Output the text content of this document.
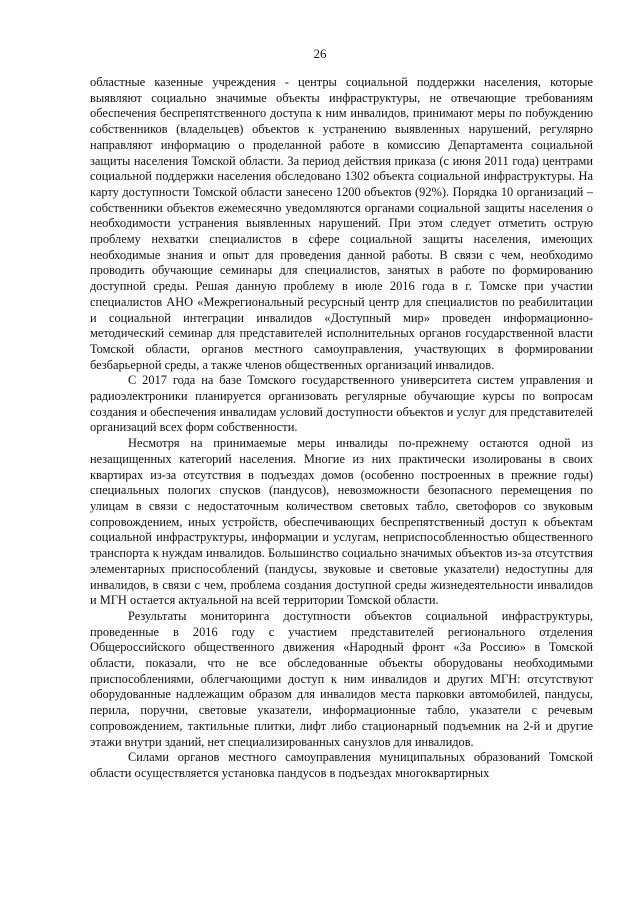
26

областные казенные учреждения - центры социальной поддержки населения, которые выявляют социально значимые объекты инфраструктуры, не отвечающие требованиям обеспечения беспрепятственного доступа к ним инвалидов, принимают меры по побуждению собственников (владельцев) объектов к устранению выявленных нарушений, регулярно направляют информацию о проделанной работе в комиссию Департамента социальной защиты населения Томской области. За период действия приказа (с июня 2011 года) центрами социальной поддержки населения обследовано 1302 объекта социальной инфраструктуры. На карту доступности Томской области занесено 1200 объектов (92%). Порядка 10 организаций – собственники объектов ежемесячно уведомляются органами социальной защиты населения о необходимости устранения выявленных нарушений. При этом следует отметить острую проблему нехватки специалистов в сфере социальной защиты населения, имеющих необходимые знания и опыт для проведения данной работы. В связи с чем, необходимо проводить обучающие семинары для специалистов, занятых в работе по формированию доступной среды. Решая данную проблему в июле 2016 года в г. Томске при участии специалистов АНО «Межрегиональный ресурсный центр для специалистов по реабилитации и социальной интеграции инвалидов «Доступный мир» проведен информационно-методический семинар для представителей исполнительных органов государственной власти Томской области, органов местного самоуправления, участвующих в формировании безбарьерной среды, а также членов общественных организаций инвалидов.

С 2017 года на базе Томского государственного университета систем управления и радиоэлектроники планируется организовать регулярные обучающие курсы по вопросам создания и обеспечения инвалидам условий доступности объектов и услуг для представителей организаций всех форм собственности.

Несмотря на принимаемые меры инвалиды по-прежнему остаются одной из незащищенных категорий населения. Многие из них практически изолированы в своих квартирах из-за отсутствия в подъездах домов (особенно построенных в прежние годы) специальных пологих спусков (пандусов), невозможности безопасного перемещения по улицам в связи с недостаточным количеством световых табло, светофоров со звуковым сопровождением, иных устройств, обеспечивающих беспрепятственный доступ к объектам социальной инфраструктуры, информации и услугам, неприспособленностью общественного транспорта к нуждам инвалидов. Большинство социально значимых объектов из-за отсутствия элементарных приспособлений (пандусы, звуковые и световые указатели) недоступны для инвалидов, в связи с чем, проблема создания доступной среды жизнедеятельности инвалидов и МГН остается актуальной на всей территории Томской области.

Результаты мониторинга доступности объектов социальной инфраструктуры, проведенные в 2016 году с участием представителей регионального отделения Общероссийского общественного движения «Народный фронт «За Россию» в Томской области, показали, что не все обследованные объекты оборудованы необходимыми приспособлениями, облегчающими доступ к ним инвалидов и других МГН: отсутствуют оборудованные надлежащим образом для инвалидов места парковки автомобилей, пандусы, перила, поручни, световые указатели, информационные табло, указатели с речевым сопровождением, тактильные плитки, лифт либо стационарный подъемник на 2-й и другие этажи внутри зданий, нет специализированных санузлов для инвалидов.

Силами органов местного самоуправления муниципальных образований Томской области осуществляется установка пандусов в подъездах многоквартирных
